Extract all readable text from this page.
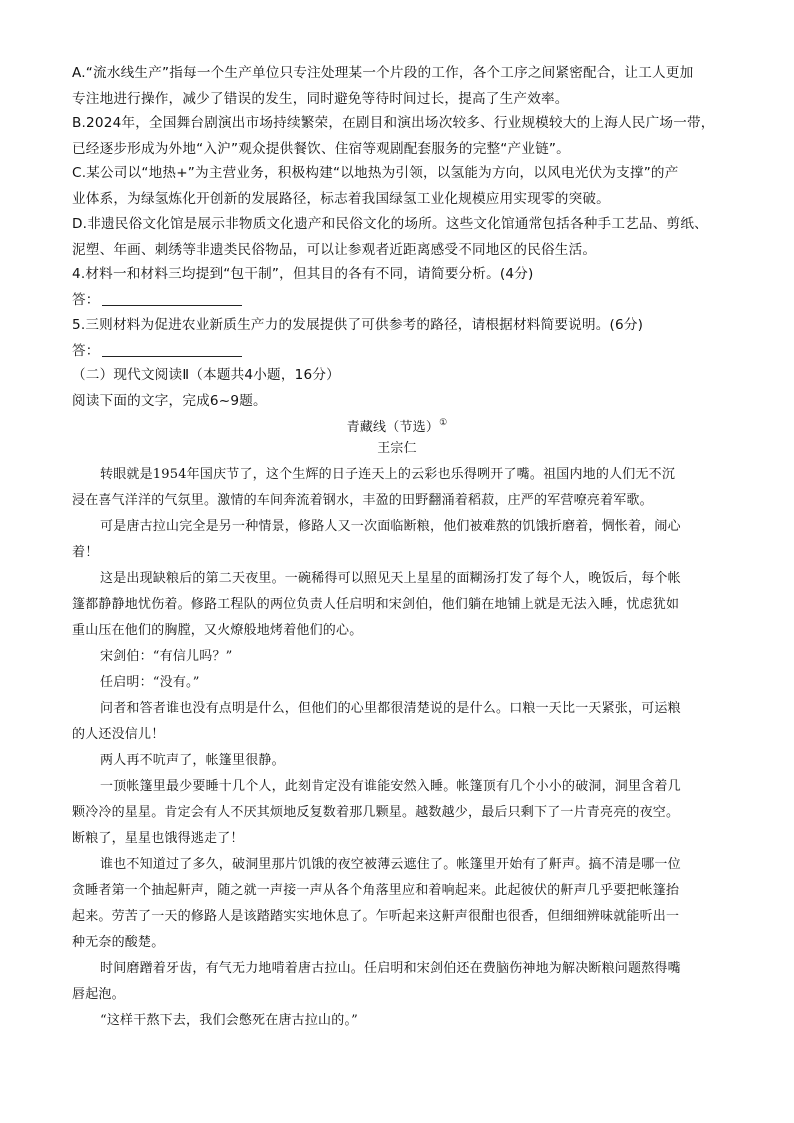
A.“流水线生产”指每一个生产单位只专注处理某一个片段的工作，各个工序之间紧密配合，让工人更加
专注地进行操作，减少了错误的发生，同时避免等待时间过长，提高了生产效率。
B.2024年，全国舞台剧演出市场持续繁荣，在剧目和演出场次较多、行业规模较大的上海人民广场一带，
已经逐步形成为外地“入沪”观众提供餐饮、住宿等观剧配套服务的完整“产业链”。
C.某公司以“地热+”为主营业务，积极构建“以地热为引领，以氢能为方向，以风电光伏为支撑”的产
业体系，为绿氢炼化开创新的发展路径，标志着我国绿氢工业化规模应用实现零的突破。
D.非遗民俗文化馆是展示非物质文化遗产和民俗文化的场所。这些文化馆通常包括各种手工艺品、剪纸、
泥塑、年画、刺绣等非遗类民俗物品，可以让参观者近距离感受不同地区的民俗生活。
4.材料一和材料三均提到“包干制”，但其目的各有不同，请简要分析。(4分)
答：
5.三则材料为促进农业新质生产力的发展提供了可供参考的路径，请根据材料简要说明。(6分)
答：
（二）现代文阅读Ⅱ（本题共4小题，16分）
阅读下面的文字，完成6~9题。
青藏线（节选）①
王宗仁
转眼就是1954年国庆节了，这个生辉的日子连天上的云彩也乐得咧开了嘴。祖国内地的人们无不沉
浸在喜气洋洋的气氛里。激情的车间奔流着钢水，丰盈的田野翻涌着稻菽，庄严的军营嘹亮着军歌。
可是唐古拉山完全是另一种情景，修路人又一次面临断粮，他们被难熬的饥饿折磨着，惆怅着，闹心
着！
这是出现缺粮后的第二天夜里。一碗稀得可以照见天上星星的面糊汤打发了每个人，晚饭后，每个帐
篷都静静地忧伤着。修路工程队的两位负责人任启明和宋剑伯，他们躺在地铺上就是无法入睡，忧虑犹如
重山压在他们的胸膛，又火燎般地烤着他们的心。
宋剑伯：“有信儿吗？”
任启明：“没有。”
问者和答者谁也没有点明是什么，但他们的心里都很清楚说的是什么。口粮一天比一天紧张，可运粮
的人还没信儿！
两人再不吭声了，帐篷里很静。
一顶帐篷里最少要睡十几个人，此刻肯定没有谁能安然入睡。帐篷顶有几个小小的破洞，洞里含着几
颗冷冷的星星。肯定会有人不厌其烦地反复数着那几颗星。越数越少，最后只剩下了一片青亮亮的夜空。
断粮了，星星也饿得逃走了！
谁也不知道过了多久，破洞里那片饥饿的夜空被薄云遮住了。帐篷里开始有了鼾声。搞不清是哪一位
贪睡者第一个抽起鼾声，随之就一声接一声从各个角落里应和着响起来。此起彼伏的鼾声几乎要把帐篷抬
起来。劳苦了一天的修路人是该踏踏实实地休息了。乍听起来这鼾声很酣也很香，但细细辨味就能听出一
种无奈的酸楚。
时间磨蹭着牙齿，有气无力地啃着唐古拉山。任启明和宋剑伯还在费脑伤神地为解决断粮问题熬得嘴
唇起泡。
“这样干熬下去，我们会憋死在唐古拉山的。”
